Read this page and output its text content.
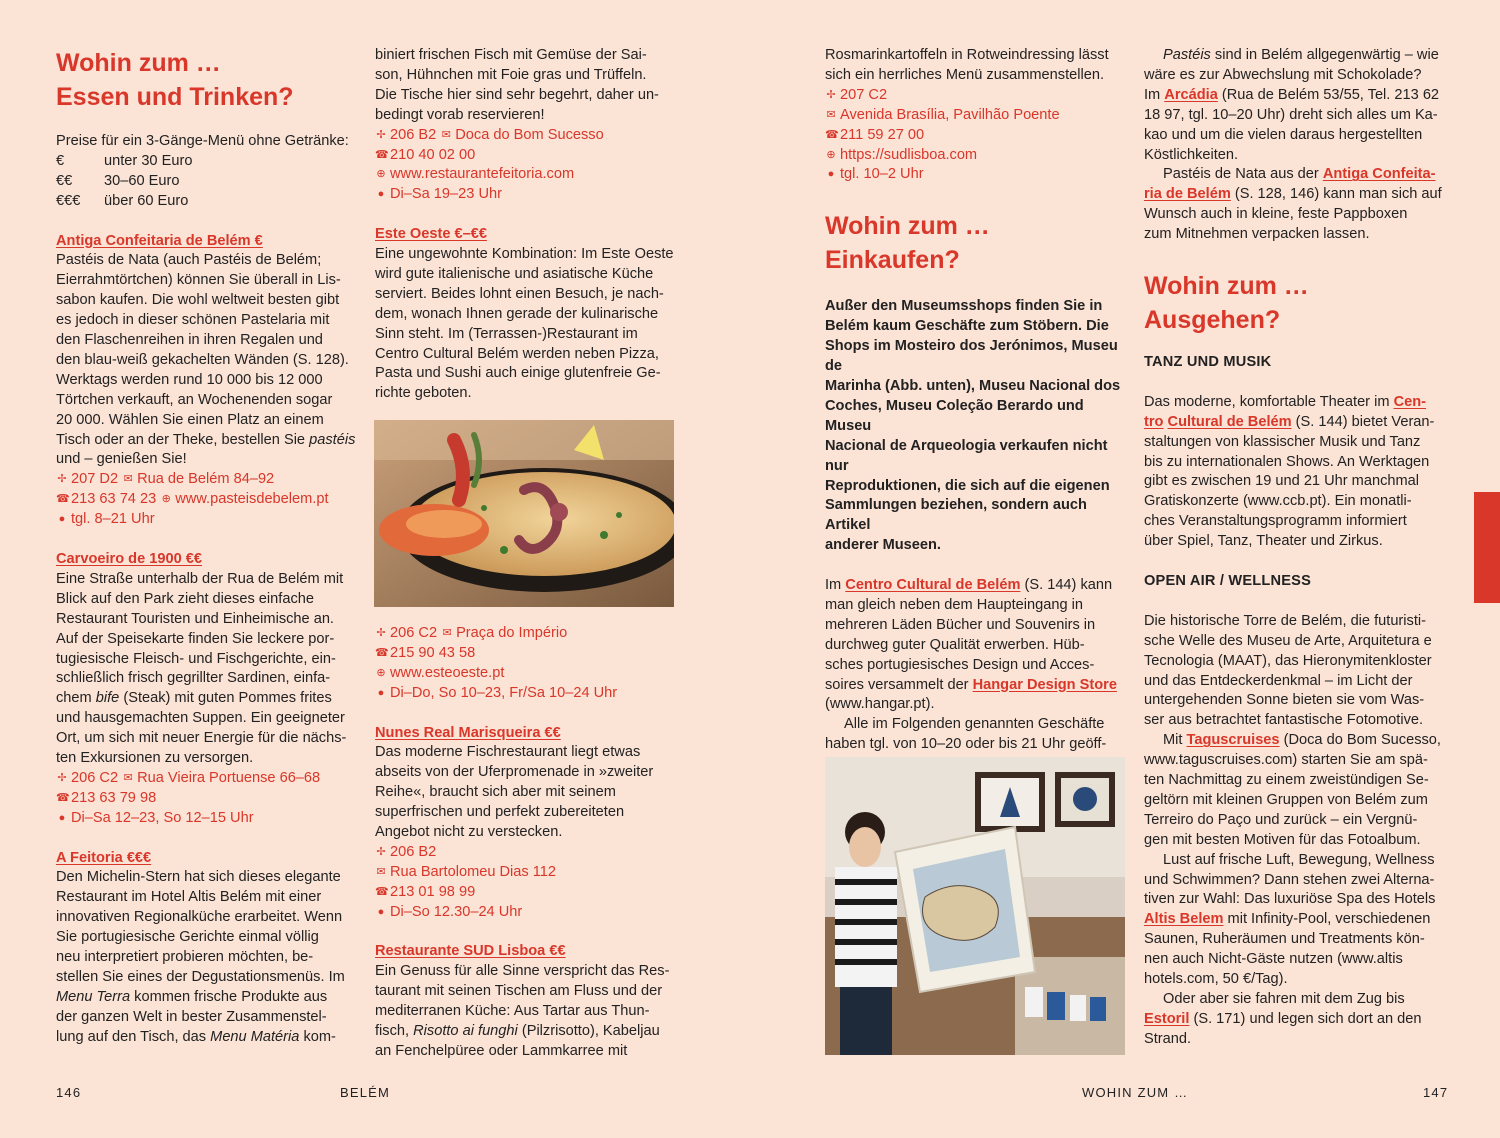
Wohin zum …
Essen und Trinken?

Preise für ein 3-Gänge-Menü ohne Getränke:

€	unter 30 Euro
€€	30–60 Euro
€€€	über 60 Euro

Antiga Confeitaria de Belém €

Pastéis de Nata (auch Pastéis de Belém;

Eierrahmtörtchen) können Sie überall in Lis-

sabon kaufen. Die wohl weltweit besten gibt

es jedoch in dieser schönen Pastelaria mit

den Flaschenreihen in ihren Regalen und

den blau-weiß gekachelten Wänden (S. 128).

Werktags werden rund 10 000 bis 12 000

Törtchen verkauft, an Wochenenden sogar

20 000. Wählen Sie einen Platz an einem

Tisch oder an der Theke, bestellen Sie pastéis

und – genießen Sie!

✢ 207 D2 ✉ Rua de Belém 84–92
☎ 213 63 74 23 ⊕ www.pasteisdebelem.pt
● tgl. 8–21 Uhr

Carvoeiro de 1900 €€

Eine Straße unterhalb der Rua de Belém mit

Blick auf den Park zieht dieses einfache

Restaurant Touristen und Einheimische an.

Auf der Speisekarte finden Sie leckere por-

tugiesische Fleisch- und Fischgerichte, ein-

schließlich frisch gegrillter Sardinen, einfa-

chem bife (Steak) mit guten Pommes frites

und hausgemachten Suppen. Ein geeigneter

Ort, um sich mit neuer Energie für die nächs-

ten Exkursionen zu versorgen.

✢ 206 C2 ✉ Rua Vieira Portuense 66–68
☎ 213 63 79 98
● Di–Sa 12–23, So 12–15 Uhr

A Feitoria €€€

Den Michelin-Stern hat sich dieses elegante

Restaurant im Hotel Altis Belém mit einer

innovativen Regionalküche erarbeitet. Wenn

Sie portugiesische Gerichte einmal völlig

neu interpretiert probieren möchten, be-

stellen Sie eines der Degustationsmenüs. Im

Menu Terra kommen frische Produkte aus

der ganzen Welt in bester Zusammenstel-

lung auf den Tisch, das Menu Matéria kom-

biniert frischen Fisch mit Gemüse der Sai-

son, Hühnchen mit Foie gras und Trüffeln.

Die Tische hier sind sehr begehrt, daher un-

bedingt vorab reservieren!

✢ 206 B2 ✉ Doca do Bom Sucesso
☎ 210 40 02 00
⊕ www.restaurantefeitoria.com
● Di–Sa 19–23 Uhr

Este Oeste €–€€

Eine ungewohnte Kombination: Im Este Oeste

wird gute italienische und asiatische Küche

serviert. Beides lohnt einen Besuch, je nach-

dem, wonach Ihnen gerade der kulinarische

Sinn steht. Im (Terrassen-)Restaurant im

Centro Cultural Belém werden neben Pizza,

Pasta und Sushi auch einige glutenfreie Ge-

richte geboten.

✢ 206 C2 ✉ Praça do Império
☎ 215 90 43 58
⊕ www.esteoeste.pt
● Di–Do, So 10–23, Fr/Sa 10–24 Uhr

Nunes Real Marisqueira €€

Das moderne Fischrestaurant liegt etwas

abseits von der Uferpromenade in »zweiter

Reihe«, braucht sich aber mit seinem

superfrischen und perfekt zubereiteten

Angebot nicht zu verstecken.

✢ 206 B2
✉ Rua Bartolomeu Dias 112
☎ 213 01 98 99
● Di–So 12.30–24 Uhr

Restaurante SUD Lisboa €€

Ein Genuss für alle Sinne verspricht das Res-

taurant mit seinen Tischen am Fluss und der

mediterranen Küche: Aus Tartar aus Thun-

fisch, Risotto ai funghi (Pilzrisotto), Kabeljau

an Fenchelpüree oder Lammkarree mit

146	BELÉM

Rosmarinkartoffeln in Rotweindressing lässt

sich ein herrliches Menü zusammenstellen.

✢ 207 C2
✉ Avenida Brasília, Pavilhão Poente
☎ 211 59 27 00
⊕ https://sudlisboa.com
● tgl. 10–2 Uhr
Wohin zum …
Einkaufen?

Außer den Museumsshops finden Sie in

Belém kaum Geschäfte zum Stöbern. Die

Shops im Mosteiro dos Jerónimos, Museu de

Marinha (Abb. unten), Museu Nacional dos

Coches, Museu Coleção Berardo und Museu

Nacional de Arqueologia verkaufen nicht nur

Reproduktionen, die sich auf die eigenen

Sammlungen beziehen, sondern auch Artikel

anderer Museen.

Im Centro Cultural de Belém (S. 144) kann

man gleich neben dem Haupteingang in

mehreren Läden Bücher und Souvenirs in

durchweg guter Qualität erwerben. Hüb-

sches portugiesisches Design und Acces-

soires versammelt der Hangar Design Store

(www.hangar.pt).

Alle im Folgenden genannten Geschäfte

haben tgl. von 10–20 oder bis 21 Uhr geöff-

Pastéis sind in Belém allgegenwärtig – wie

wäre es zur Abwechslung mit Schokolade?

Im Arcádia (Rua de Belém 53/55, Tel. 213 62

18 97, tgl. 10–20 Uhr) dreht sich alles um Ka-

kao und um die vielen daraus hergestellten

Köstlichkeiten.

Pastéis de Nata aus der Antiga Confeita-

ria de Belém (S. 128, 146) kann man sich auf

Wunsch auch in kleine, feste Pappboxen

zum Mitnehmen verpacken lassen.

Wohin zum …
Ausgehen?

TANZ UND MUSIK

Das moderne, komfortable Theater im Cen-

tro Cultural de Belém (S. 144) bietet Veran-

staltungen von klassischer Musik und Tanz

bis zu internationalen Shows. An Werktagen

gibt es zwischen 19 und 21 Uhr manchmal

Gratiskonzerte (www.ccb.pt). Ein monatli-

ches Veranstaltungsprogramm informiert

über Spiel, Tanz, Theater und Zirkus.

OPEN AIR / WELLNESS

Die historische Torre de Belém, die futuristi-

sche Welle des Museu de Arte, Arquitetura e

Tecnologia (MAAT), das Hieronymitenkloster

und das Entdeckerdenkmal – im Licht der

untergehenden Sonne bieten sie vom Was-

ser aus betrachtet fantastische Fotomotive.

Mit Taguscruises (Doca do Bom Sucesso,

www.taguscruises.com) starten Sie am spä-

ten Nachmittag zu einem zweistündigen Se-

geltörn mit kleinen Gruppen von Belém zum

Terreiro do Paço und zurück – ein Vergnü-

gen mit besten Motiven für das Fotoalbum.

Lust auf frische Luft, Bewegung, Wellness

und Schwimmen? Dann stehen zwei Alterna-

tiven zur Wahl: Das luxuriöse Spa des Hotels

Altis Belem mit Infinity-Pool, verschiedenen

Saunen, Ruheräumen und Treatments kön-

nen auch Nicht-Gäste nutzen (www.altis

hotels.com, 50 €/Tag).

Oder aber sie fahren mit dem Zug bis

Estoril (S. 171) und legen sich dort an den

Strand.

WOHIN ZUM …	147
